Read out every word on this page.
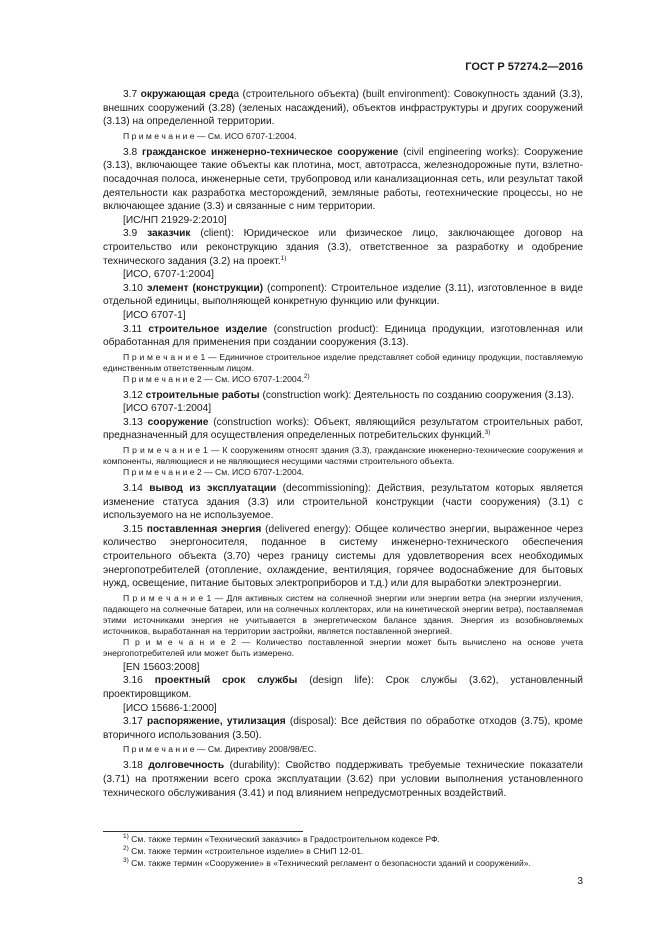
ГОСТ Р 57274.2—2016

3.7 окружающая среда (строительного объекта) (built environment): Совокупность зданий (3.3), внешних сооружений (3.28) (зеленых насаждений), объектов инфраструктуры и других сооружений (3.13) на определенной территории.

П р и м е ч а н и е — См. ИСО 6707-1:2004.

3.8 гражданское инженерно-техническое сооружение (civil engineering works): Сооружение (3.13), включающее такие объекты как плотина, мост, автотрасса, железнодорожные пути, взлетно-посадочная полоса, инженерные сети, трубопровод или канализационная сеть, или результат такой деятельности как разработка месторождений, земляные работы, геотехнические процессы, но не включающее здание (3.3) и связанные с ним территории.

[ИС/НП 21929-2:2010]

3.9 заказчик (client): Юридическое или физическое лицо, заключающее договор на строительство или реконструкцию здания (3.3), ответственное за разработку и одобрение технического задания (3.2) на проект.$^{1)}$

[ИСО, 6707-1:2004]

3.10 элемент (конструкции) (component): Строительное изделие (3.11), изготовленное в виде отдельной единицы, выполняющей конкретную функцию или функции.

[ИСО 6707-1]

3.11 строительное изделие (construction product): Единица продукции, изготовленная или обработанная для применения при создании сооружения (3.13).

П р и м е ч а н и е 1 — Единичное строительное изделие представляет собой единицу продукции, поставляемую единственным ответственным лицом.

П р и м е ч а н и е 2 — См. ИСО 6707-1:2004.$^{2)}$

3.12 строительные работы (construction work): Деятельность по созданию сооружения (3.13).

[ИСО 6707-1:2004]

3.13 сооружение (construction works): Объект, являющийся результатом строительных работ, предназначенный для осуществления определенных потребительских функций.$^{3)}$

П р и м е ч а н и е 1 — К сооружениям относят здания (3.3), гражданские инженерно-технические сооружения и компоненты, являющиеся и не являющиеся несущими частями строительного объекта.

П р и м е ч а н и е 2 — См. ИСО 6707-1:2004.

3.14 вывод из эксплуатации (decommissioning): Действия, результатом которых является изменение статуса здания (3.3) или строительной конструкции (части сооружения) (3.1) с используемого на не используемое.

3.15 поставленная энергия (delivered energy): Общее количество энергии, выраженное через количество энергоносителя, поданное в систему инженерно-технического обеспечения строительного объекта (3.70) через границу системы для удовлетворения всех необходимых энергопотребителей (отопление, охлаждение, вентиляция, горячее водоснабжение для бытовых нужд, освещение, питание бытовых электроприборов и т.д.) или для выработки электроэнергии.

П р и м е ч а н и е 1 — Для активных систем на солнечной энергии или энергии ветра (на энергии излучения, падающего на солнечные батареи, или на солнечных коллекторах, или на кинетической энергии ветра), поставляемая этими источниками энергия не учитывается в энергетическом балансе здания. Энергия из возобновляемых источников, выработанная на территории застройки, является поставленной энергией.

П р и м е ч а н и е 2 — Количество поставленной энергии может быть вычислено на основе учета энергопотребителей или может быть измерено.

[EN 15603:2008]

3.16 проектный срок службы (design life): Срок службы (3.62), установленный проектировщиком.

[ИСО 15686-1:2000]

3.17 распоряжение, утилизация (disposal): Все действия по обработке отходов (3.75), кроме вторичного использования (3.50).

П р и м е ч а н и е — См. Директиву 2008/98/ЕС.

3.18 долговечность (durability): Свойство поддерживать требуемые технические показатели (3.71) на протяжении всего срока эксплуатации (3.62) при условии выполнения установленного технического обслуживания (3.41) и под влиянием непредусмотренных воздействий.

$^{1)}$ См. также термин «Технический заказчик» в Градостроительном кодексе РФ.

$^{2)}$ См. также термин «строительное изделие» в СНиП 12-01.

$^{3)}$ См. также термин «Сооружение» в «Технический регламент о безопасности зданий и сооружений».

3
